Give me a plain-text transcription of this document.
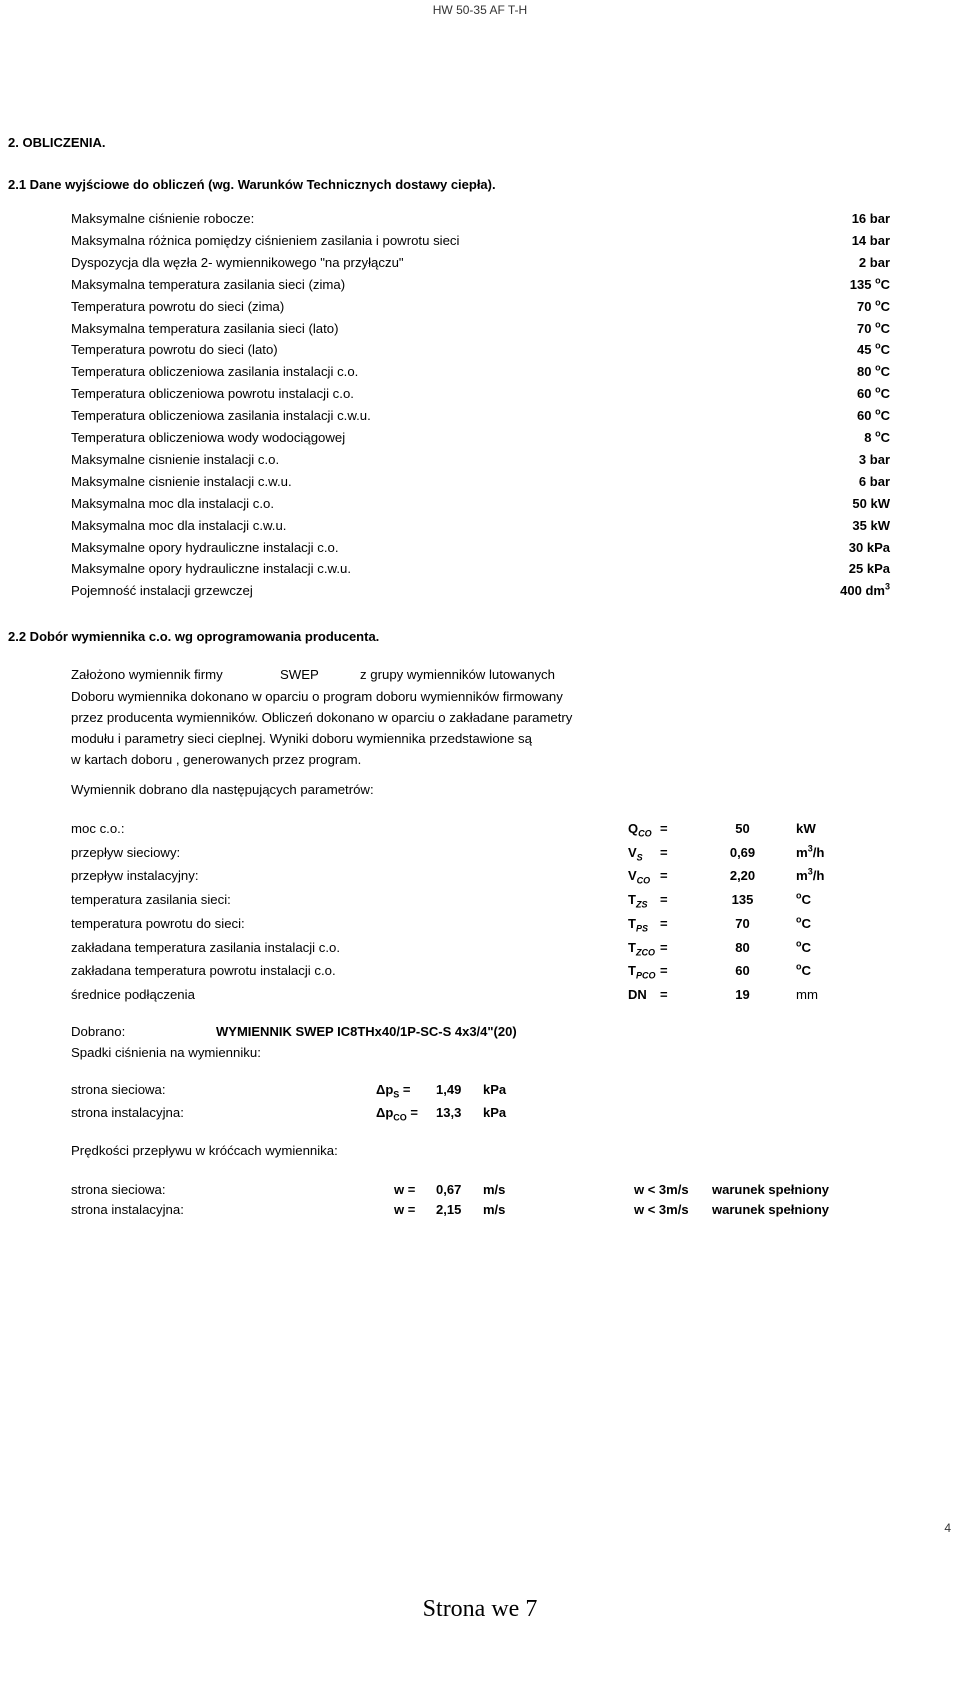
HW 50-35 AF T-H
2. OBLICZENIA.
2.1 Dane wyjściowe do obliczeń (wg. Warunków Technicznych dostawy ciepła).
Maksymalne ciśnienie robocze:	16 bar
Maksymalna różnica pomiędzy ciśnieniem zasilania i powrotu sieci	14 bar
Dyspozycja dla węzła 2- wymiennikowego "na przyłączu"	2 bar
Maksymalna temperatura zasilania sieci (zima)	135 $^o$C
Temperatura powrotu do sieci (zima)	70 $^o$C
Maksymalna temperatura zasilania sieci (lato)	70 $^o$C
Temperatura powrotu do sieci (lato)	45 $^o$C
Temperatura obliczeniowa zasilania instalacji c.o.	80 $^o$C
Temperatura obliczeniowa powrotu instalacji c.o.	60 $^o$C
Temperatura obliczeniowa zasilania instalacji c.w.u.	60 $^o$C
Temperatura obliczeniowa wody wodociągowej	8 $^o$C
Maksymalne cisnienie instalacji c.o.	3 bar
Maksymalne cisnienie instalacji c.w.u.	6 bar
Maksymalna moc dla instalacji c.o.	50 kW
Maksymalna moc dla instalacji c.w.u.	35 kW
Maksymalne opory hydrauliczne instalacji c.o.	30 kPa
Maksymalne opory hydrauliczne instalacji c.w.u.	25 kPa
Pojemność instalacji grzewczej	400 $dm^3$
2.2 Dobór wymiennika c.o. wg oprogramowania producenta.
Założono wymiennik firmy	SWEP	z grupy wymienników lutowanych
Doboru wymiennika dokonano w oparciu o program doboru wymienników firmowany
przez producenta wymienników. Obliczeń dokonano w oparciu o zakładane parametry
modułu i parametry sieci cieplnej. Wyniki doboru wymiennika przedstawione są
w kartach doboru , generowanych przez program.
Wymiennik dobrano dla następujących parametrów:
moc c.o.:	$Q_{CO}$ =	50	kW
przepływ sieciowy:	$V_S$ =	0,69	$m^3/h$
przepływ instalacyjny:	$V_{CO}$ =	2,20	$m^3/h$
temperatura zasilania sieci:	$T_{ZS}$ =	135	$^o$C
temperatura powrotu do sieci:	$T_{PS}$ =	70	$^o$C
zakładana temperatura zasilania instalacji c.o.	$T_{ZCO}$ =	80	$^o$C
zakładana temperatura powrotu instalacji c.o.	$T_{PCO}$ =	60	$^o$C
średnice podłączenia	DN =	19	mm
Dobrano:	WYMIENNIK SWEP IC8THx40/1P-SC-S 4x3/4"(20)
Spadki ciśnienia na wymienniku:
strona sieciowa:	$\Delta p_S = 1,49$ kPa
strona instalacyjna:	$\Delta p_{CO} = 13,3$ kPa
Prędkości przepływu w króćcach wymiennika:
strona sieciowa:	w = 0,67 m/s	w < 3m/s warunek spełniony
strona instalacyjna:	w = 2,15 m/s	w < 3m/s warunek spełniony
4
Strona we 7
